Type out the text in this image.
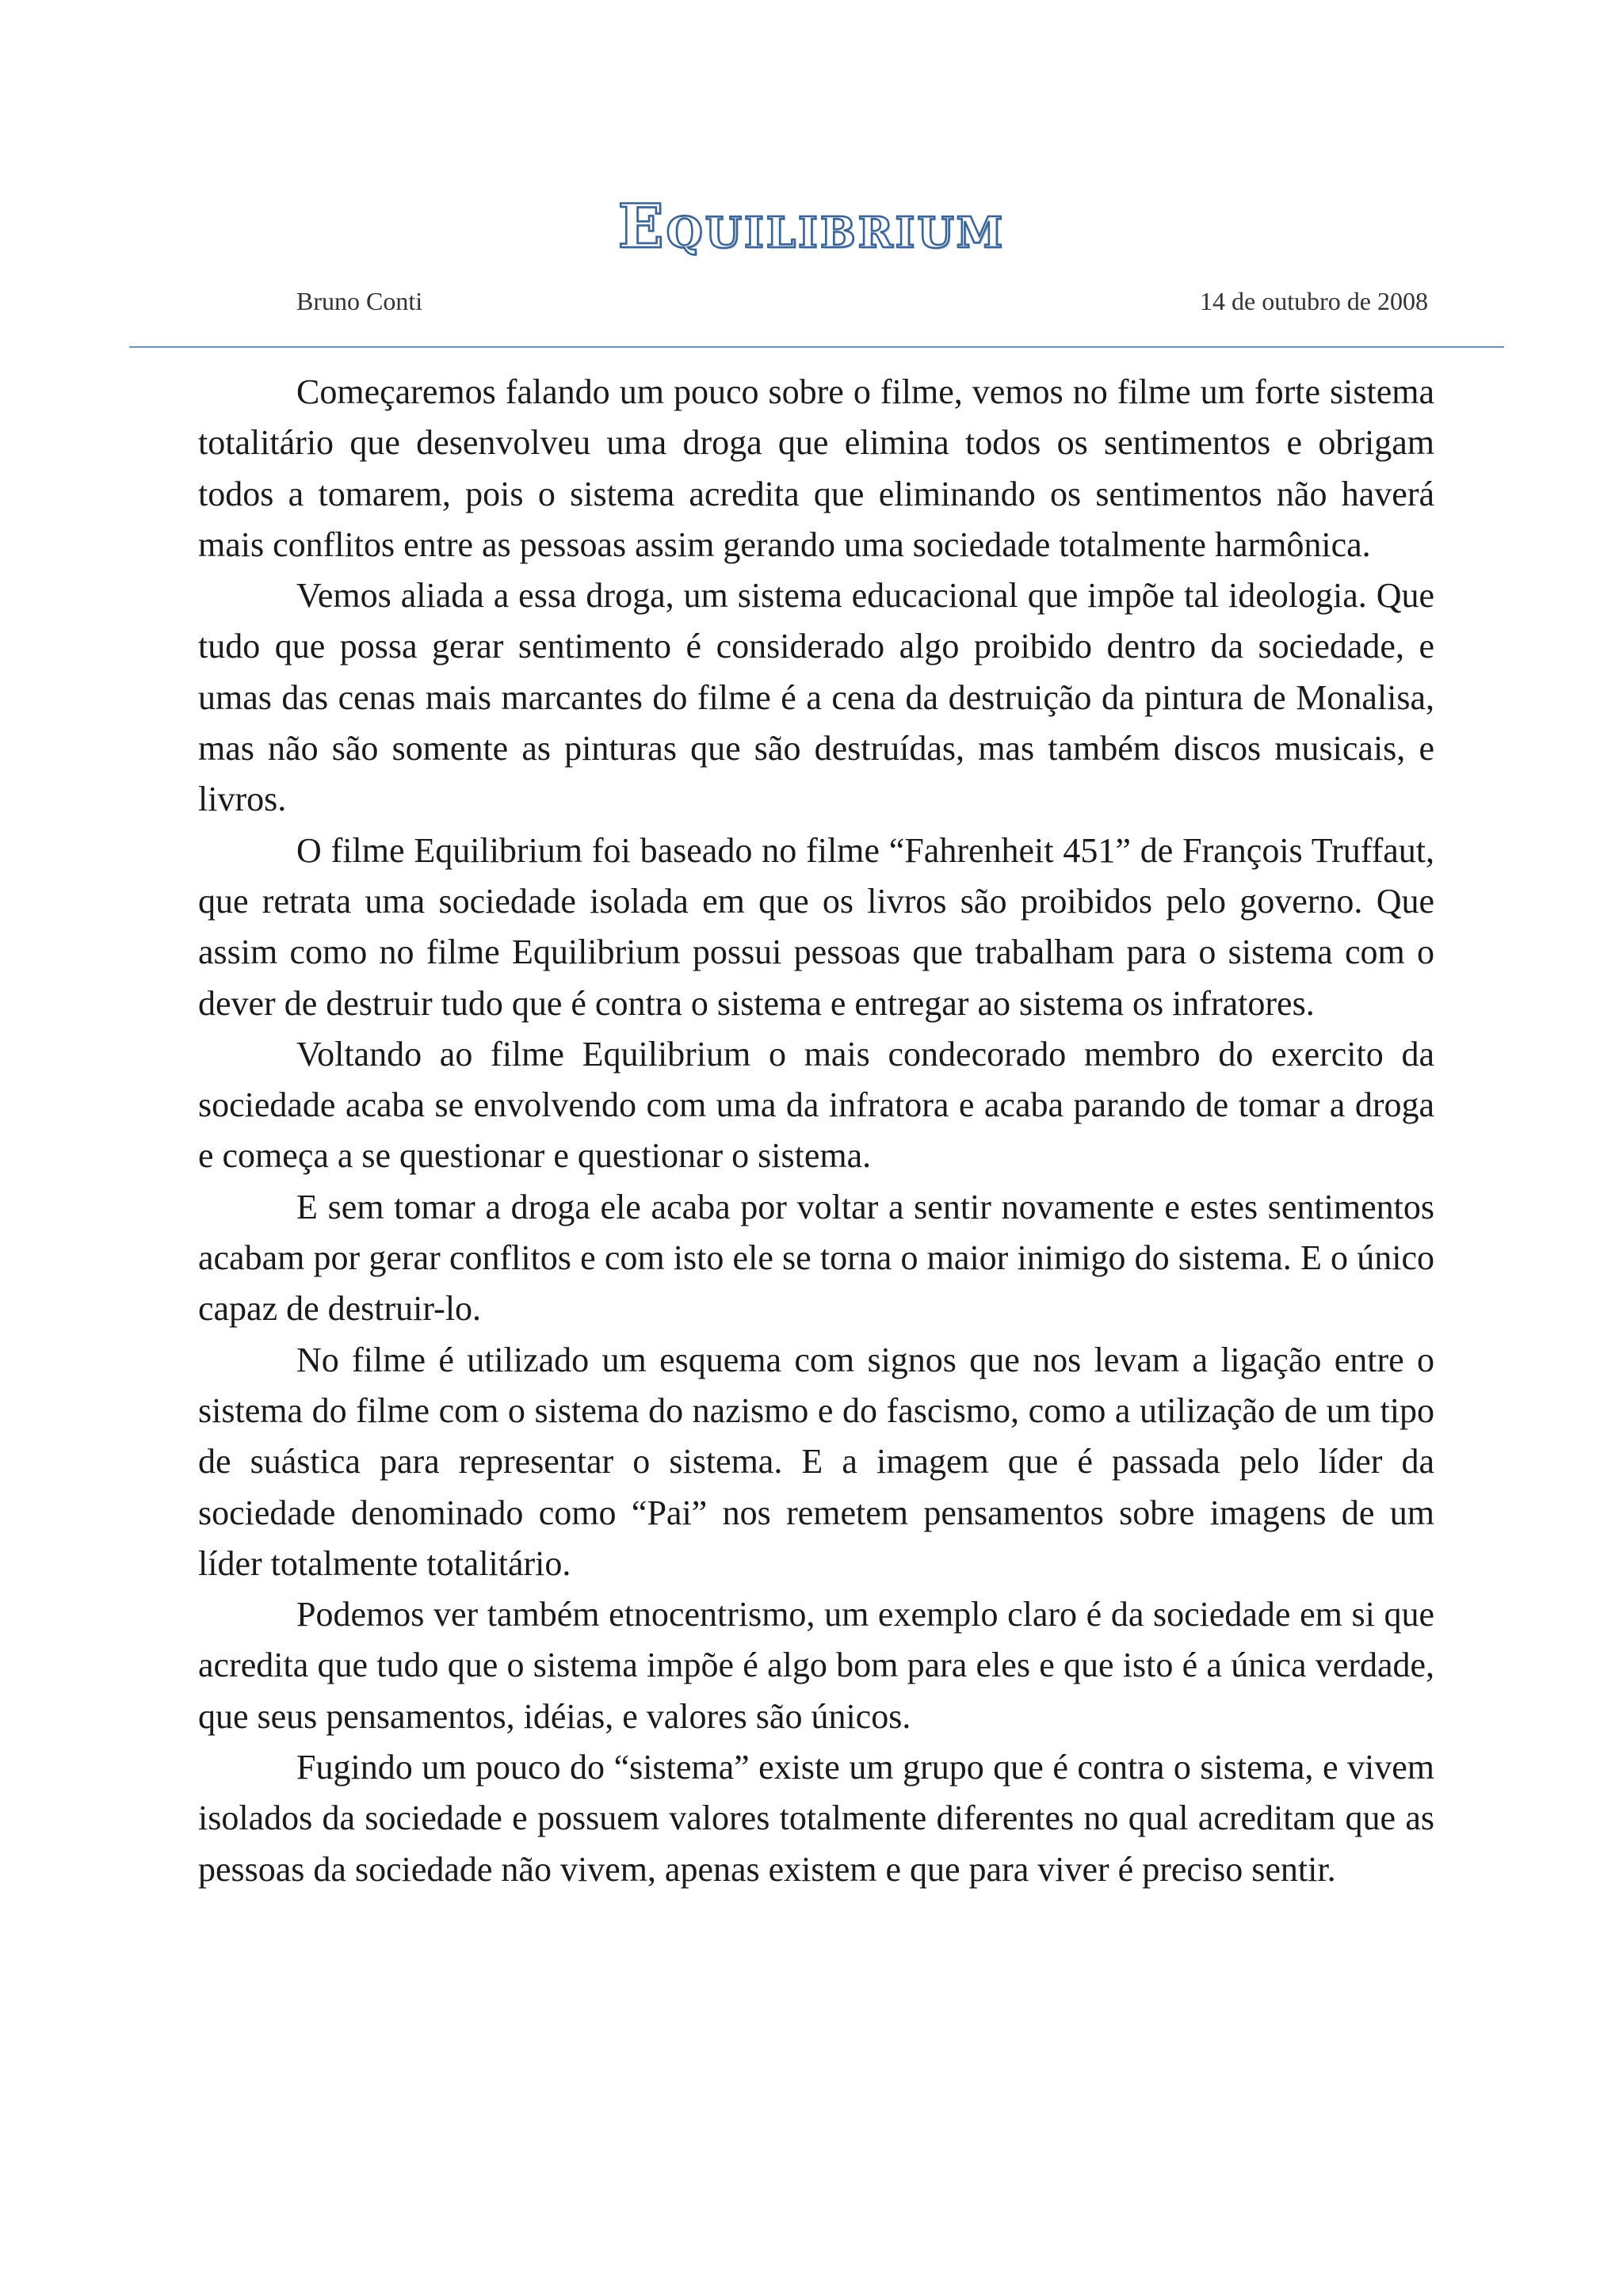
Equilibrium
Bruno Conti	14 de outubro de 2008

Começaremos falando um pouco sobre o filme, vemos no filme um forte sistema totalitário que desenvolveu uma droga que elimina todos os sentimentos e obrigam todos a tomarem, pois o sistema acredita que eliminando os sentimentos não haverá mais conflitos entre as pessoas assim gerando uma sociedade totalmente harmônica.

Vemos aliada a essa droga, um sistema educacional que impõe tal ideologia. Que tudo que possa gerar sentimento é considerado algo proibido dentro da sociedade, e umas das cenas mais marcantes do filme é a cena da destruição da pintura de Monalisa, mas não são somente as pinturas que são destruídas, mas também discos musicais, e livros.

O filme Equilibrium foi baseado no filme “Fahrenheit 451” de François Truffaut, que retrata uma sociedade isolada em que os livros são proibidos pelo governo. Que assim como no filme Equilibrium possui pessoas que trabalham para o sistema com o dever de destruir tudo que é contra o sistema e entregar ao sistema os infratores.

Voltando ao filme Equilibrium o mais condecorado membro do exercito da sociedade acaba se envolvendo com uma da infratora e acaba parando de tomar a droga e começa a se questionar e questionar o sistema.

E sem tomar a droga ele acaba por voltar a sentir novamente e estes sentimentos acabam por gerar conflitos e com isto ele se torna o maior inimigo do sistema. E o único capaz de destruir-lo.

No filme é utilizado um esquema com signos que nos levam a ligação entre o sistema do filme com o sistema do nazismo e do fascismo, como a utilização de um tipo de suástica para representar o sistema. E a imagem que é passada pelo líder da sociedade denominado como “Pai” nos remetem pensamentos sobre imagens de um líder totalmente totalitário.

Podemos ver também etnocentrismo, um exemplo claro é da sociedade em si que acredita que tudo que o sistema impõe é algo bom para eles e que isto é a única verdade, que seus pensamentos, idéias, e valores são únicos.

Fugindo um pouco do “sistema” existe um grupo que é contra o sistema, e vivem isolados da sociedade e possuem valores totalmente diferentes no qual acreditam que as pessoas da sociedade não vivem, apenas existem e que para viver é preciso sentir.
